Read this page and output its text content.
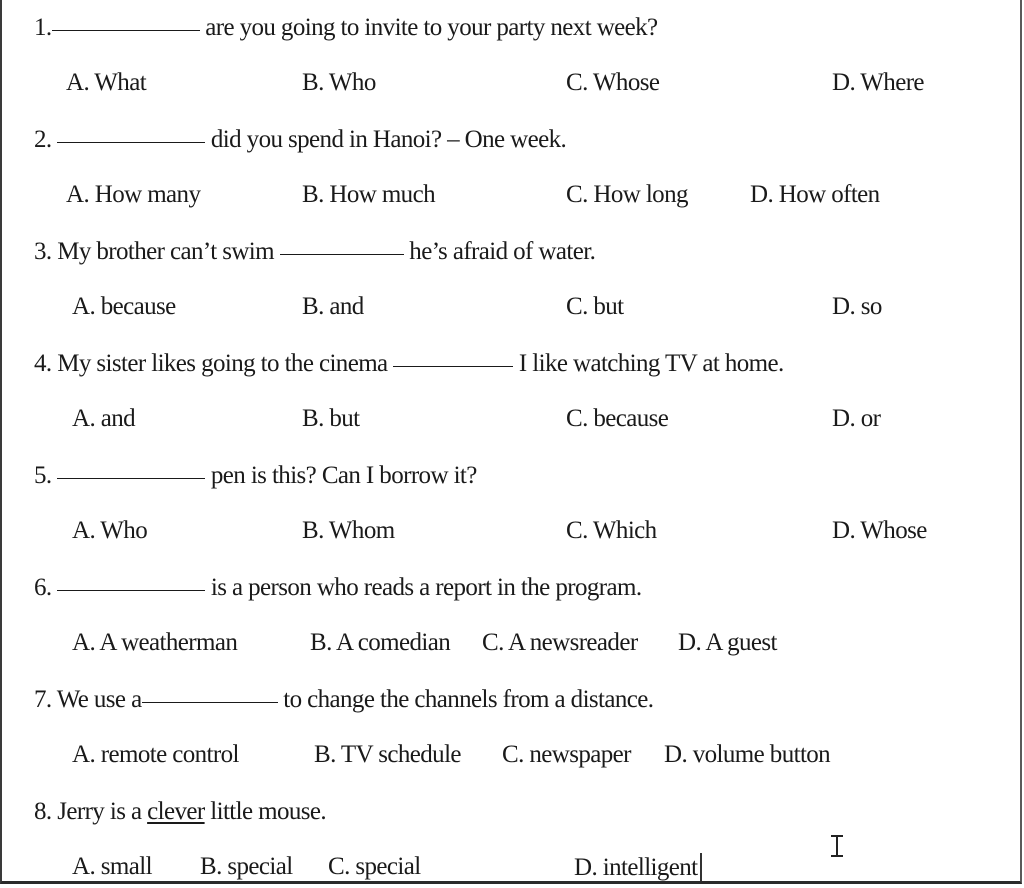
1.	are you going to invite to your party next week?
A. What	B. Who	C. Whose	D. Where
2.	did you spend in Hanoi? – One week.
A. How many	B. How much	C. How long D. How often
3. My brother can’t swim	he’s afraid of water.
A. because	B. and	C. but	D. so
4. My sister likes going to the cinema	I like watching TV at home.
A. and	B. but	C. because	D. or
5.	pen is this? Can I borrow it?
A. Who	B. Whom	C. Which	D. Whose
6.	is a person who reads a report in the program.
A. A weatherman	B. A comedian C. A newsreader D. A guest
7. We use a	to change the channels from a distance.
A. remote control	B. TV schedule C. newspaper D. volume button
8. Jerry is a clever little mouse.
A. small B. special C. special	D. intelligent
